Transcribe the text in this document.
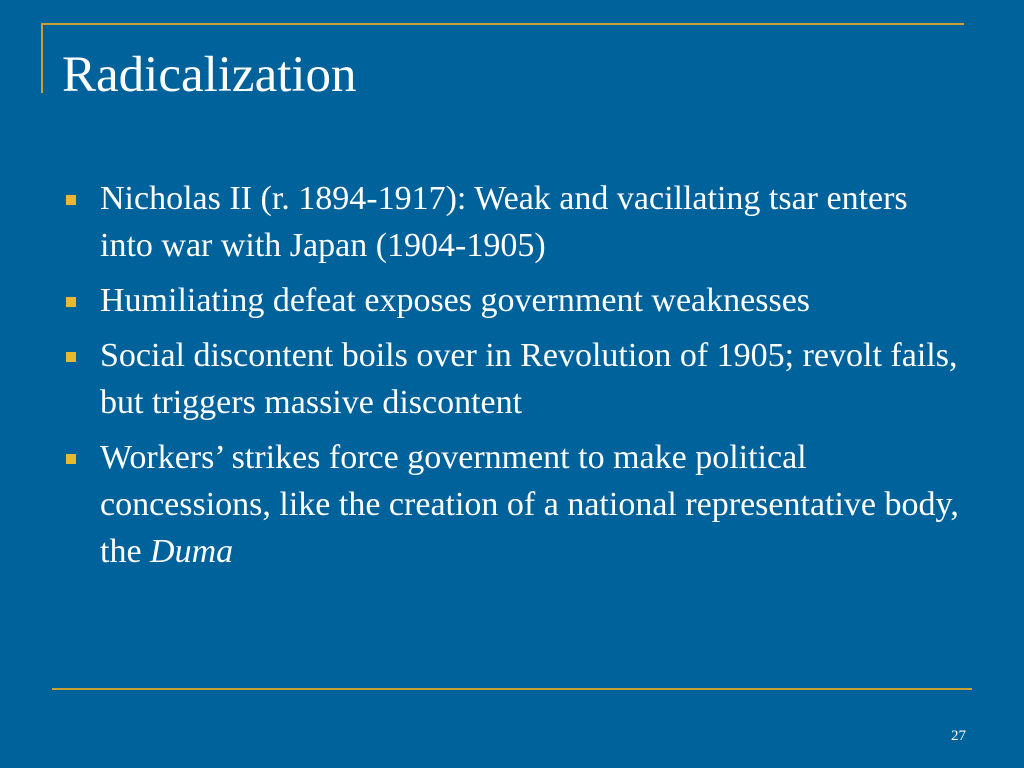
Radicalization
Nicholas II (r. 1894-1917): Weak and vacillating tsar enters into war with Japan (1904-1905)
Humiliating defeat exposes government weaknesses
Social discontent boils over in Revolution of 1905; revolt fails, but triggers massive discontent
Workers’ strikes force government to make political concessions, like the creation of a national representative body, the Duma
27
